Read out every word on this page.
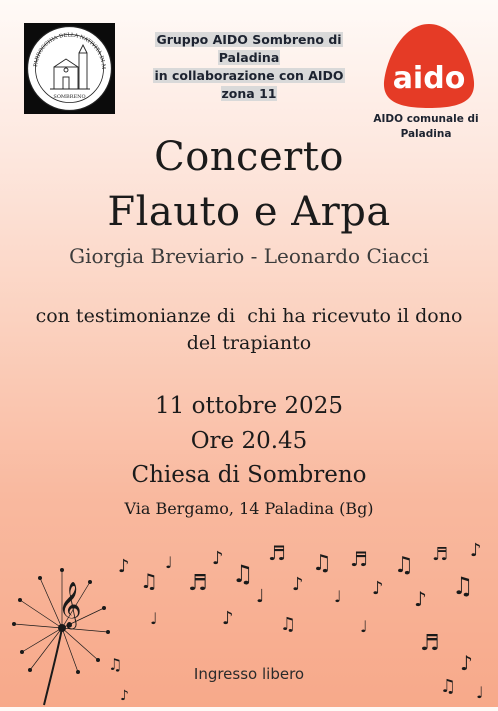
PARROCCHIA DELLA NATIVITÀ DI M
SOMBRENO
Gruppo AIDO Sombreno di
Paladina
in collaborazione con AIDO
zona 11	aido
AIDO comunale di
Paladina
Concerto
Flauto e Arpa
Giorgia Breviario - Leonardo Ciacci
con testimonianze di  chi ha ricevuto il dono
del trapianto
11 ottobre 2025
Ore 20.45
Chiesa di Sombreno
Via Bergamo, 14 Paladina (Bg)
𝄞
♪
♫
♩
♬
♪
♫
♩
♬
♪
♫
♩
♬
♪
♫
♪
♬
♫
♪
♩	♪	♫	♩
♬
♪
♫ ♩
♫
♪
Ingresso libero
